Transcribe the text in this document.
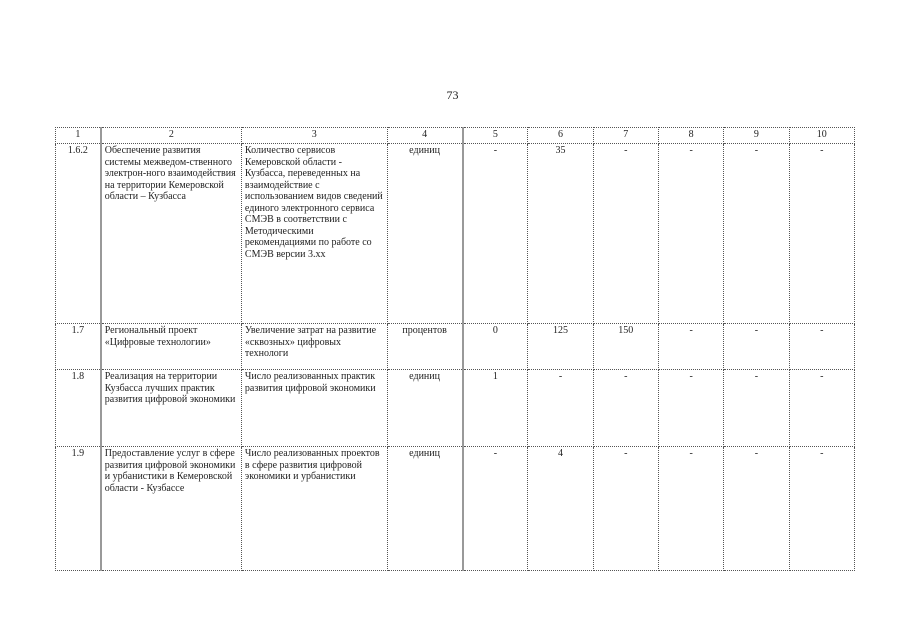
73
1	2	3	4	5	6	7	8	9	10
1.6.2	Обеспечение развития системы межведом-ственного электрон-ного взаимодействия на территории Кемеровской области – Кузбасса	Количество сервисов Кемеровской области - Кузбасса, переведенных на взаимодействие с использованием видов сведений единого электронного сервиса СМЭВ в соответствии с Методическими рекомендациями по работе со СМЭВ версии 3.хх	единиц	-	35	-	-	-	-
1.7	Региональный проект «Цифровые технологии»	Увеличение затрат на развитие «сквозных» цифровых технологи	процентов	0	125	150	-	-	-
1.8	Реализация на территории Кузбасса лучших практик развития цифровой экономики	Число реализованных практик развития цифровой экономики	единиц	1	-	-	-	-	-
1.9	Предоставление услуг в сфере развития цифровой экономики и урбанистики в Кемеровской области - Кузбассе	Число реализованных проектов в сфере развития цифровой экономики и урбанистики	единиц	-	4	-	-	-	-
